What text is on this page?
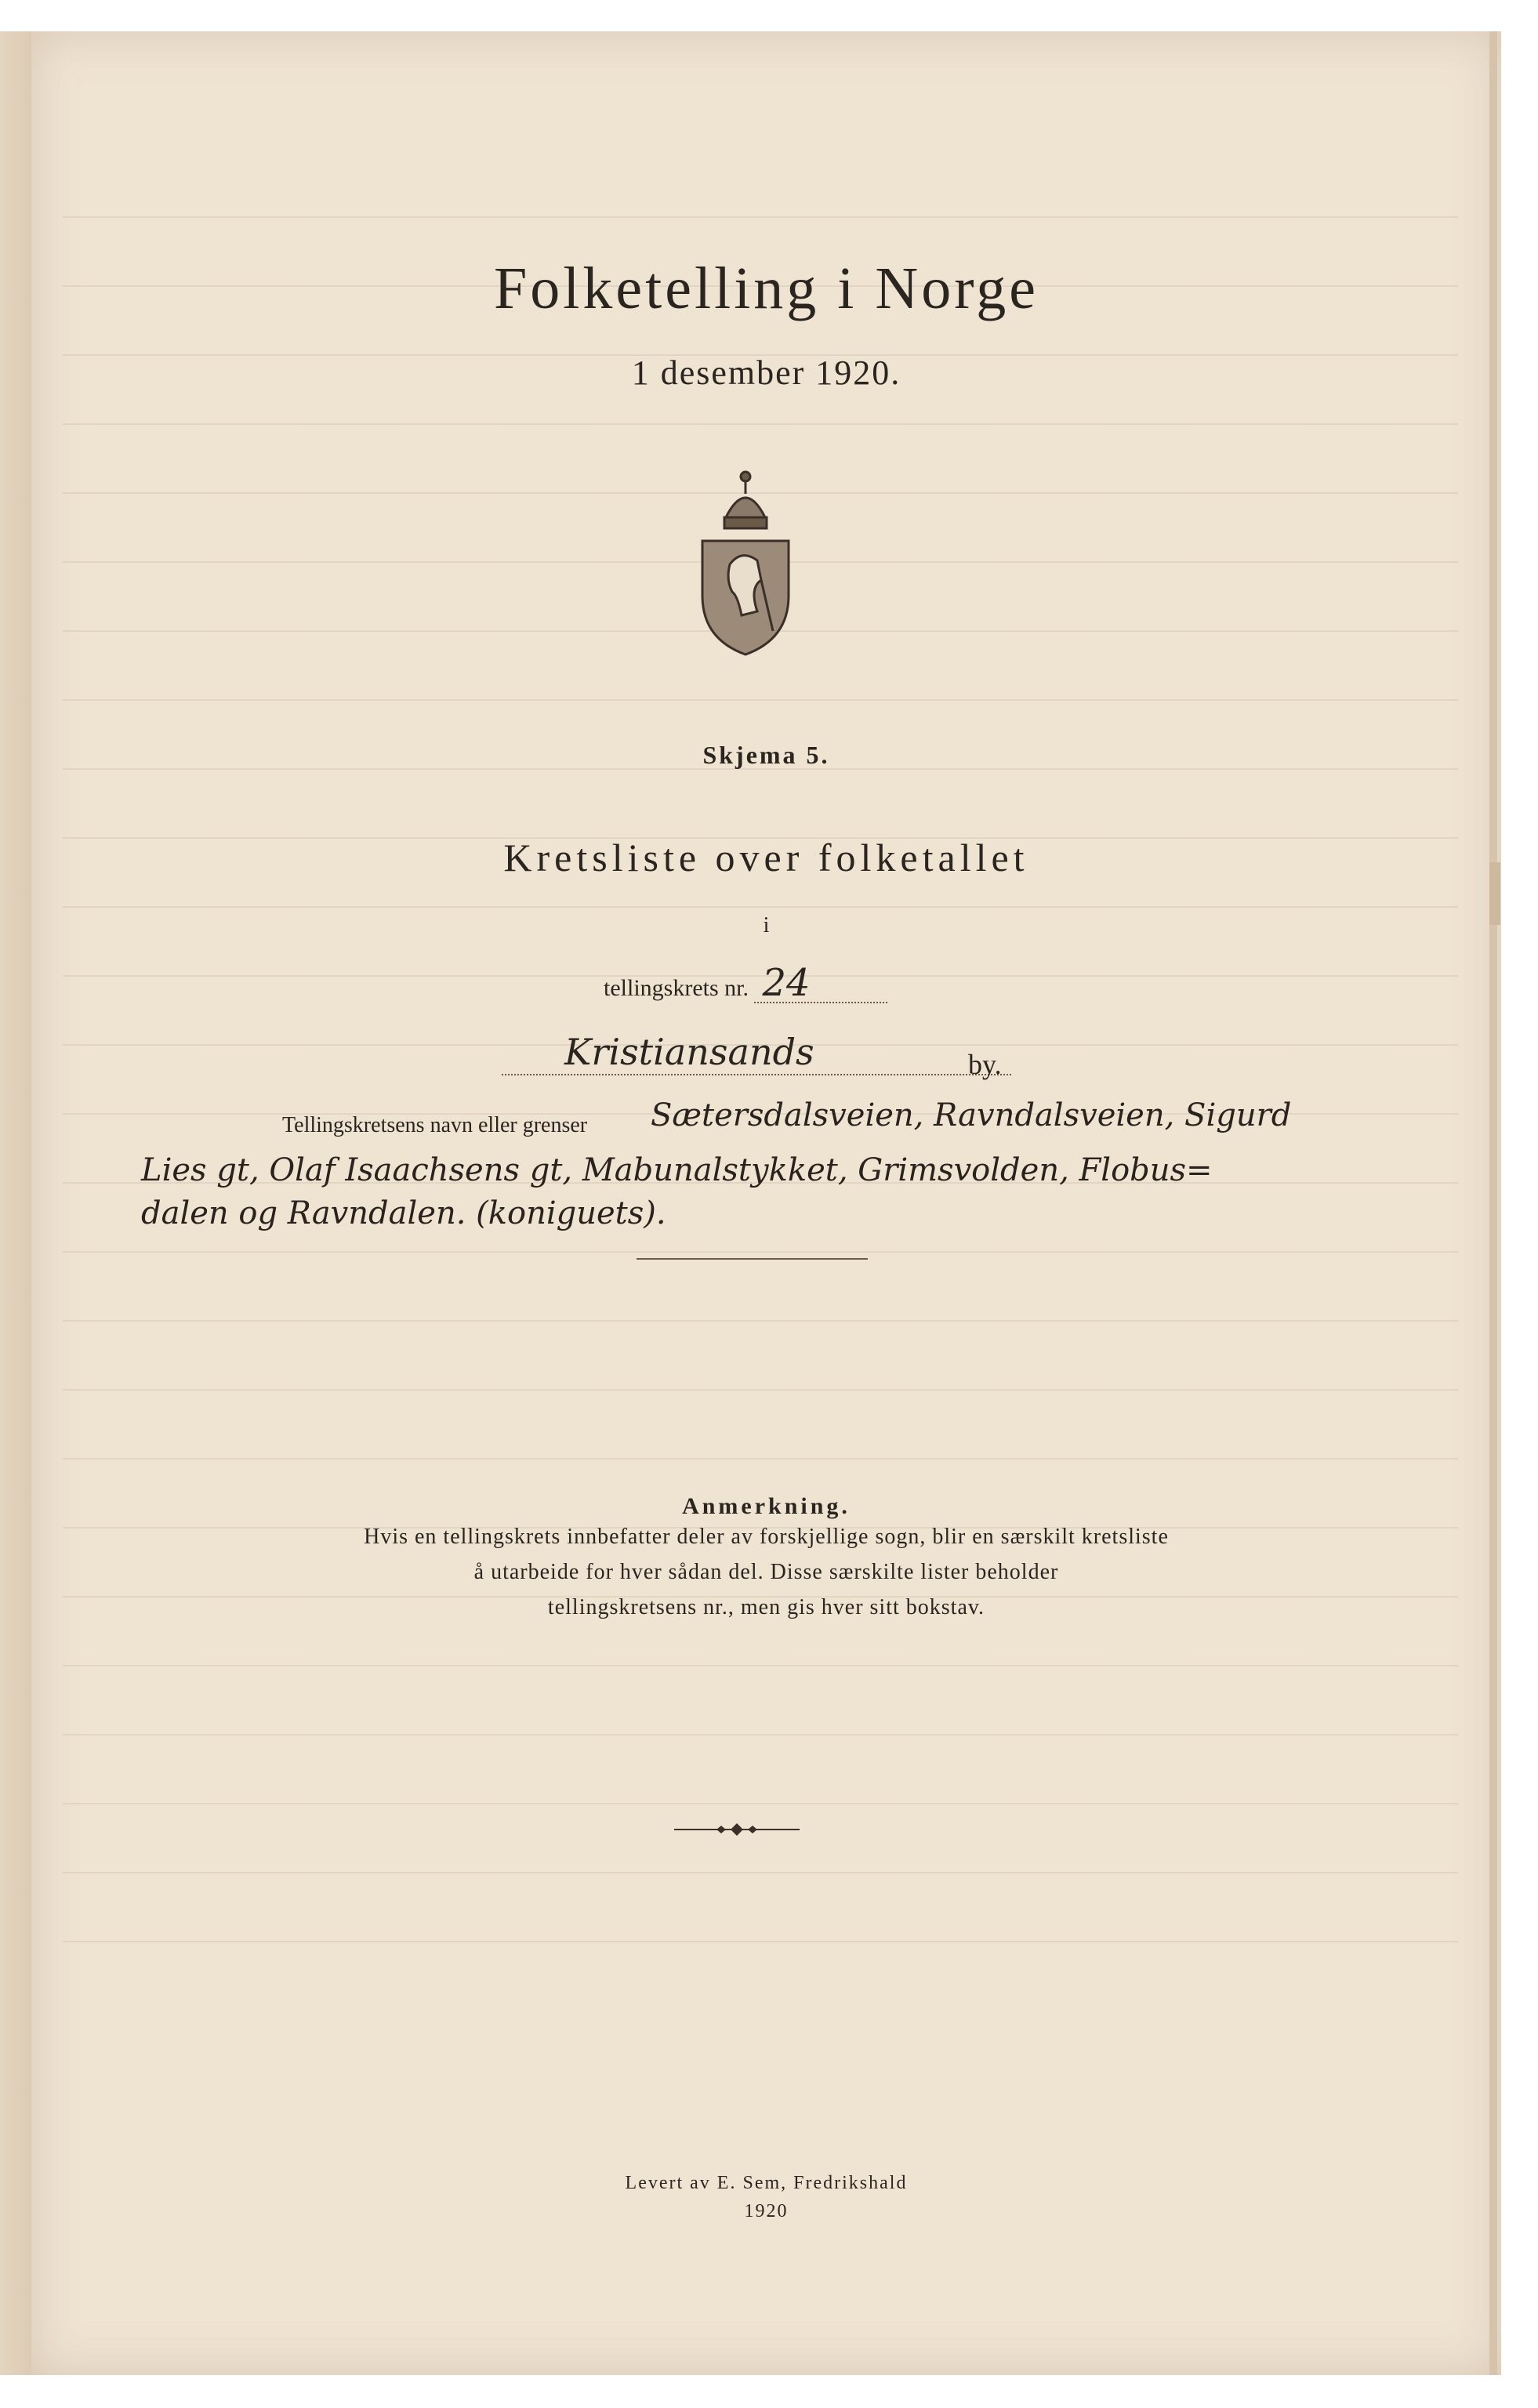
Folketelling i Norge
1 desember 1920.
Skjema 5.
Kretsliste over folketallet
i
tellingskrets nr. 24
Kristiansands	by.
Tellingskretsens navn eller grenser Sætersdalsveien, Ravndalsveien, Sigurd
Lies gt, Olaf Isaachsens gt, Mabunalstykket, Grimsvolden, Flobus=
dalen og Ravndalen. (koniguets).
Anmerkning.
Hvis en tellingskrets innbefatter deler av forskjellige sogn, blir en særskilt kretsliste
å utarbeide for hver sådan del. Disse særskilte lister beholder
tellingskretsens nr., men gis hver sitt bokstav.
Levert av E. Sem, Fredrikshald
1920
